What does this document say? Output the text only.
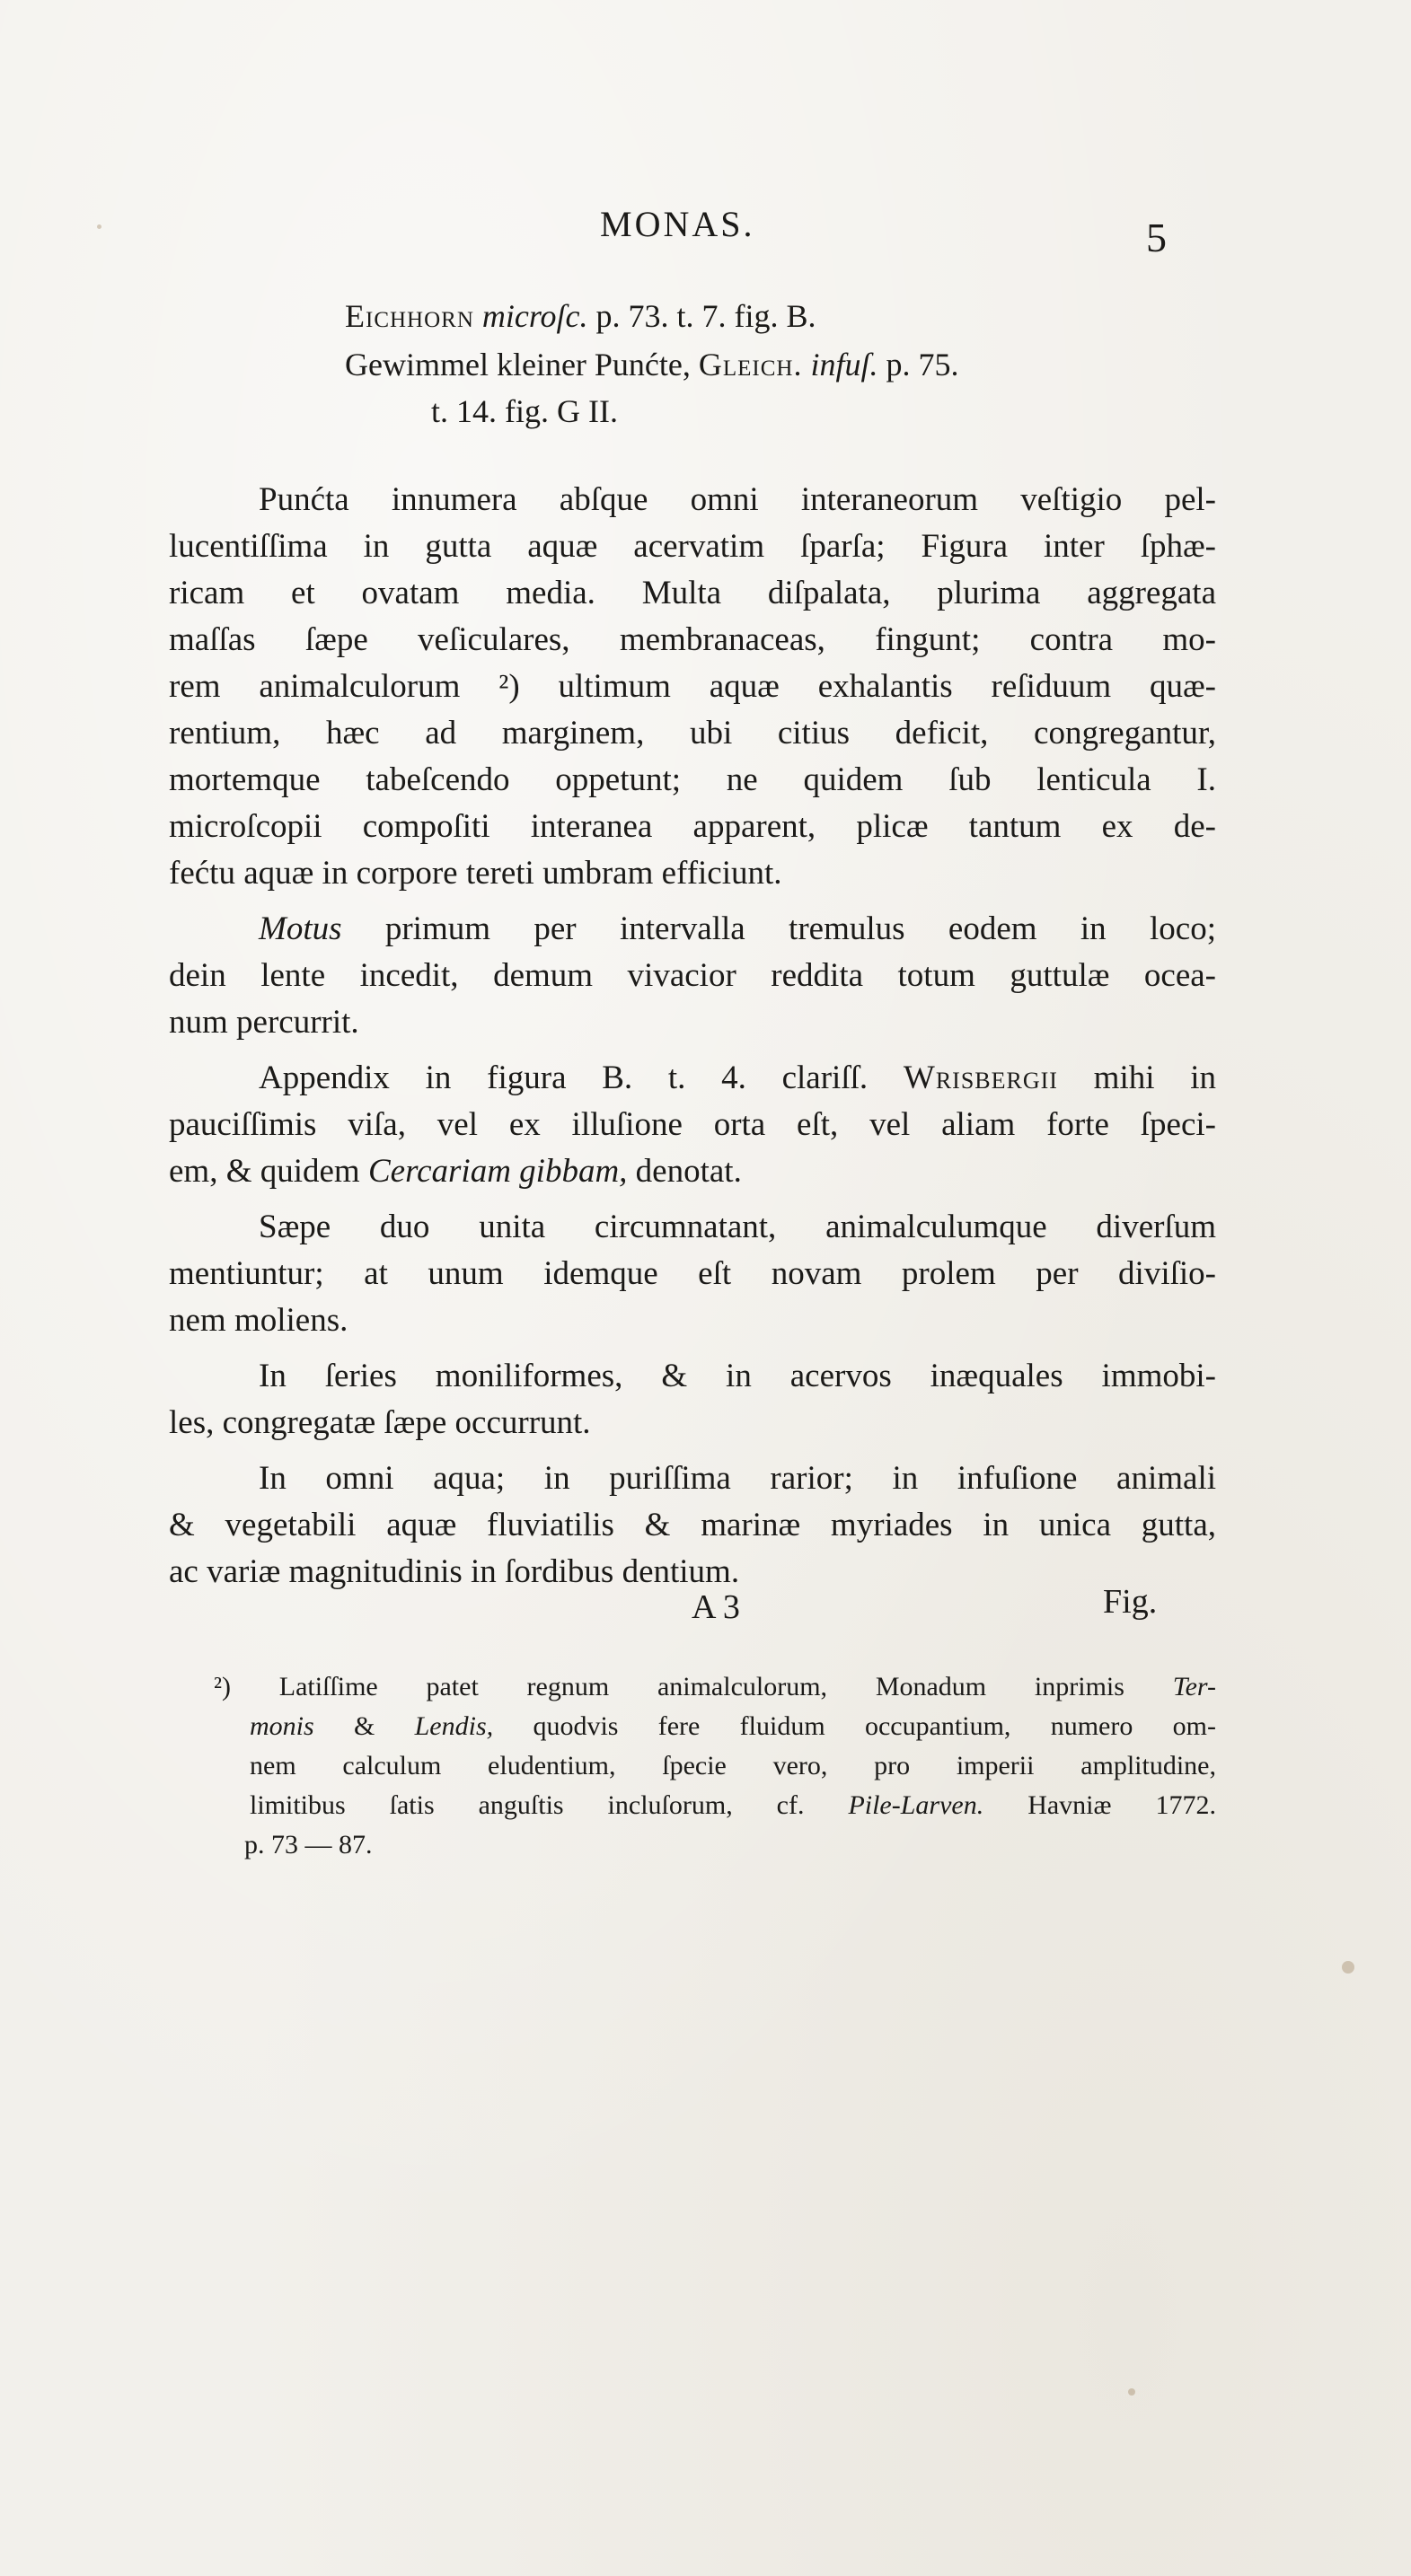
MONAS.	5
Eichhorn microſc. p. 73. t. 7. fig. B.
Gewimmel kleiner Punćte, Gleich. infuſ. p. 75.
t. 14. fig. G II.
Punćta innumera abſque omni interaneorum veſtigio pel-
lucentiſſima in gutta aquæ acervatim ſparſa; Figura inter ſphæ-
ricam et ovatam media. Multa diſpalata, plurima aggregata
maſſas ſæpe veſiculares, membranaceas, fingunt; contra mo-
rem animalculorum ²) ultimum aquæ exhalantis reſiduum quæ-
rentium, hæc ad marginem, ubi citius deficit, congregantur,
mortemque tabeſcendo oppetunt; ne quidem ſub lenticula I.
microſcopii compoſiti interanea apparent, plicæ tantum ex de-
fećtu aquæ in corpore tereti umbram efficiunt.
Motus primum per intervalla tremulus eodem in loco;
dein lente incedit, demum vivacior reddita totum guttulæ ocea-
num percurrit.
Appendix in figura B. t. 4. clariſſ. Wrisbergii mihi in
pauciſſimis viſa, vel ex illuſione orta eſt, vel aliam forte ſpeci-
em, & quidem Cercariam gibbam, denotat.
Sæpe duo unita circumnatant, animalculumque diverſum
mentiuntur; at unum idemque eſt novam prolem per diviſio-
nem moliens.
In ſeries moniliformes, & in acervos inæquales immobi-
les, congregatæ ſæpe occurrunt.
In omni aqua; in puriſſima rarior; in infuſione animali
& vegetabili aquæ fluviatilis & marinæ myriades in unica gutta,
ac variæ magnitudinis in ſordibus dentium.
A 3	Fig.
²) Latiſſime patet regnum animalculorum, Monadum inprimis Ter-
monis & Lendis, quodvis fere fluidum occupantium, numero om-
nem calculum eludentium, ſpecie vero, pro imperii amplitudine,
limitibus ſatis anguſtis incluſorum, cf. Pile-Larven. Havniæ 1772.
p. 73 — 87.
